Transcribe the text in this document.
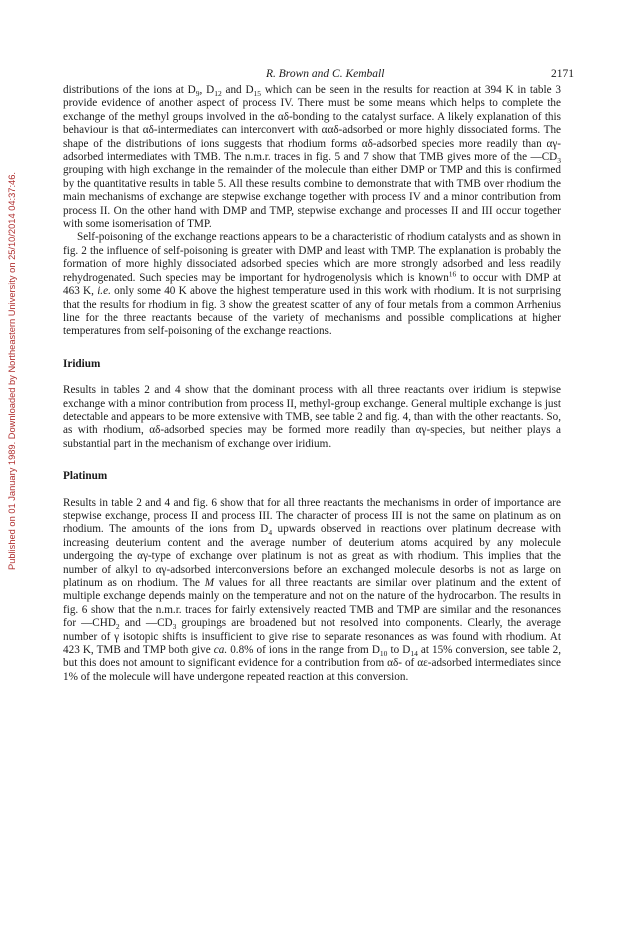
R. Brown and C. Kemball	2171
Published on 01 January 1989. Downloaded by Northeastern University on 25/10/2014 04:37:46.

distributions of the ions at $D_9$, $D_{12}$ and $D_{15}$ which can be seen in the results for reaction at 394 K in table 3 provide evidence of another aspect of process IV. There must be some means which helps to complete the exchange of the methyl groups involved in the αδ-bonding to the catalyst surface. A likely explanation of this behaviour is that αδ-intermediates can interconvert with ααδ-adsorbed or more highly dissociated forms. The shape of the distributions of ions suggests that rhodium forms αδ-adsorbed species more readily than αγ-adsorbed intermediates with TMB. The n.m.r. traces in fig. 5 and 7 show that TMB gives more of the $—CD_3$ grouping with high exchange in the remainder of the molecule than either DMP or TMP and this is confirmed by the quantitative results in table 5. All these results combine to demonstrate that with TMB over rhodium the main mechanisms of exchange are stepwise exchange together with process IV and a minor contribution from process II. On the other hand with DMP and TMP, stepwise exchange and processes II and III occur together with some isomerisation of TMP.

Self-poisoning of the exchange reactions appears to be a characteristic of rhodium catalysts and as shown in fig. 2 the influence of self-poisoning is greater with DMP and least with TMP. The explanation is probably the formation of more highly dissociated adsorbed species which are more strongly adsorbed and less readily rehydrogenated. Such species may be important for hydrogenolysis which is known$^{16}$ to occur with DMP at 463 K, i.e. only some 40 K above the highest temperature used in this work with rhodium. It is not surprising that the results for rhodium in fig. 3 show the greatest scatter of any of four metals from a common Arrhenius line for the three reactants because of the variety of mechanisms and possible complications at higher temperatures from self-poisoning of the exchange reactions.

Iridium

Results in tables 2 and 4 show that the dominant process with all three reactants over iridium is stepwise exchange with a minor contribution from process II, methyl-group exchange. General multiple exchange is just detectable and appears to be more extensive with TMB, see table 2 and fig. 4, than with the other reactants. So, as with rhodium, αδ-adsorbed species may be formed more readily than αγ-species, but neither plays a substantial part in the mechanism of exchange over iridium.

Platinum

Results in table 2 and 4 and fig. 6 show that for all three reactants the mechanisms in order of importance are stepwise exchange, process II and process III. The character of process III is not the same on platinum as on rhodium. The amounts of the ions from $D_4$ upwards observed in reactions over platinum decrease with increasing deuterium content and the average number of deuterium atoms acquired by any molecule undergoing the αγ-type of exchange over platinum is not as great as with rhodium. This implies that the number of alkyl to αγ-adsorbed interconversions before an exchanged molecule desorbs is not as large on platinum as on rhodium. The M values for all three reactants are similar over platinum and the extent of multiple exchange depends mainly on the temperature and not on the nature of the hydrocarbon. The results in fig. 6 show that the n.m.r. traces for fairly extensively reacted TMB and TMP are similar and the resonances for $—CHD_2$ and $—CD_3$ groupings are broadened but not resolved into components. Clearly, the average number of γ isotopic shifts is insufficient to give rise to separate resonances as was found with rhodium. At 423 K, TMB and TMP both give ca. 0.8% of ions in the range from $D_{10}$ to $D_{14}$ at 15% conversion, see table 2, but this does not amount to significant evidence for a contribution from αδ- of αε-adsorbed intermediates since 1% of the molecule will have undergone repeated reaction at this conversion.
